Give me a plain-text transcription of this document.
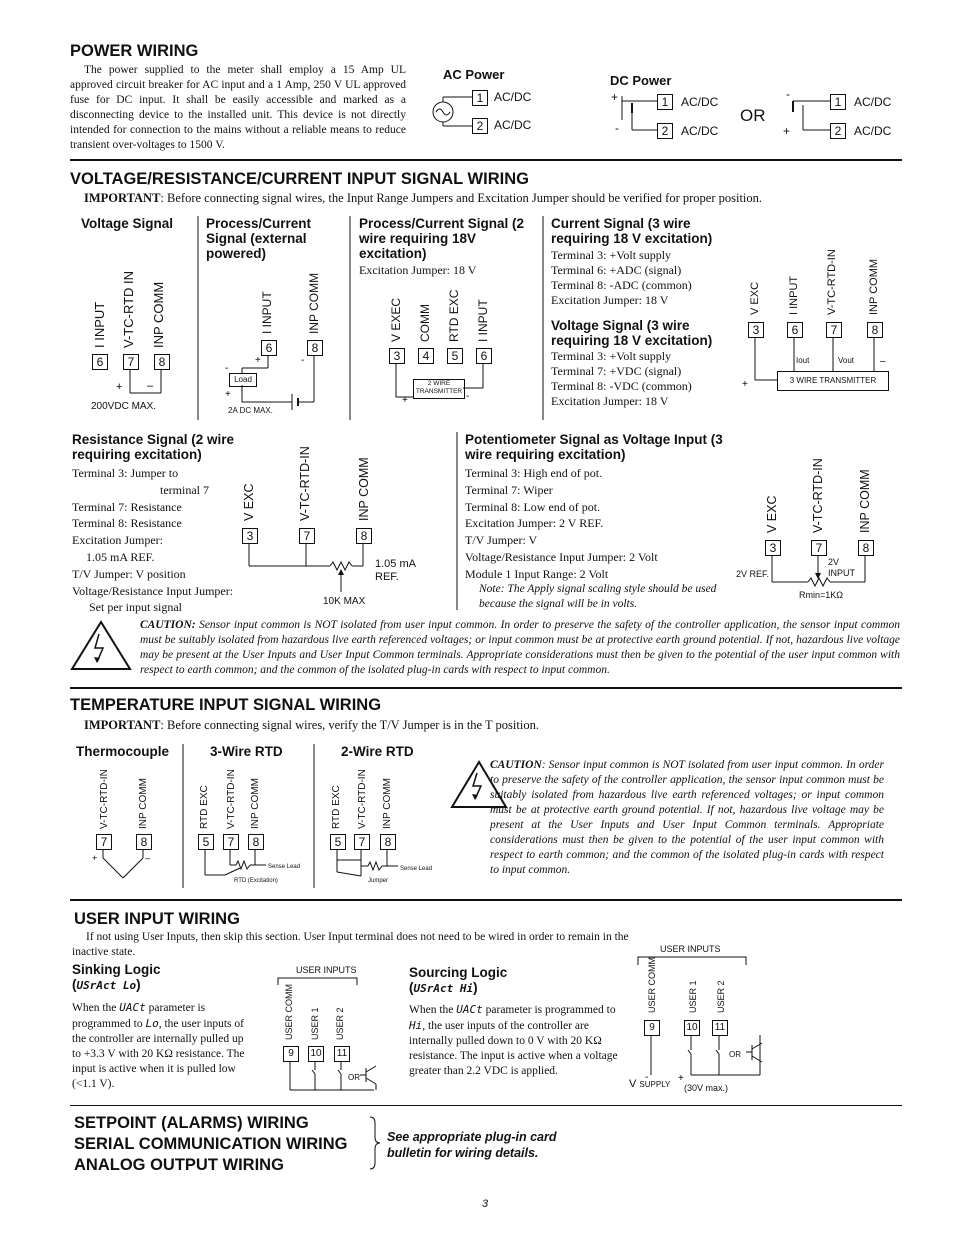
POWER WIRING
The power supplied to the meter shall employ a 15 Amp UL approved circuit breaker for AC input and a 1 Amp, 250 V UL approved fuse for DC input. It shall be easily accessible and marked as a disconnecting device to the installed unit. This device is not directly intended for connection to the mains without a reliable means to reduce transient over-voltages to 1500 V.
AC Power	DC Power
1 AC/DC
2 AC/DC
+
-
1	AC/DC
2	AC/DC
OR
-
+
1	AC/DC
2	AC/DC
VOLTAGE/RESISTANCE/CURRENT INPUT SIGNAL WIRING
IMPORTANT: Before connecting signal wires, the Input Range Jumpers and Excitation Jumper should be verified for proper position.
Voltage Signal Process/Current Signal (external powered)
Process/Current Signal (2 wire requiring 18V excitation)
Excitation Jumper: 18 V
Current Signal (3 wire requiring 18 V excitation)
Terminal 3: +Volt supply
Terminal 6: +ADC (signal)
Terminal 8: -ADC (common)
Excitation Jumper: 18 V
Voltage Signal (3 wire requiring 18 V excitation)
Terminal 3: +Volt supply
Terminal 7: +VDC (signal)
Terminal 8: -VDC (common)
Excitation Jumper: 18 V
I INPUT V-TC-RTD IN INP COMM
6	7	8
200VDC MAX.
I INPUT	INP COMM
6	8
Load
2A DC MAX.
V EXEC COMM RTD EXC I INPUT
3	4	5	6
2 WIRE TRANSMITTER
V EXC I INPUT V-TC-RTD-IN	INP COMM
3	6	7	8
Iout	Vout
3 WIRE TRANSMITTER
+ –
+
-
+
-
+	-
+
–
Resistance Signal (2 wire requiring excitation)
Terminal 3: Jumper to
terminal 7
Terminal 7: Resistance
Terminal 8: Resistance
Excitation Jumper:
1.05 mA REF.
T/V Jumper: V position
Voltage/Resistance Input Jumper:
Set per input signal
V EXC	V-TC-RTD-IN	INP COMM
3	7	8
1.05 mA REF.
10K MAX
Potentiometer Signal as Voltage Input (3 wire requiring excitation)
Terminal 3: High end of pot.
Terminal 7: Wiper
Terminal 8: Low end of pot.
Excitation Jumper: 2 V REF.
T/V Jumper: V
Voltage/Resistance Input Jumper: 2 Volt
Module 1 Input Range: 2 Volt
Note: The Apply signal scaling style should be used because the signal will be in volts.
V EXC	V-TC-RTD-IN	INP COMM
3	7	8
2V REF.
2V INPUT
Rmin=1KΩ
CAUTION: Sensor input common is NOT isolated from user input common. In order to preserve the safety of the controller application, the sensor input common must be suitably isolated from hazardous live earth referenced voltages; or input common must be at protective earth ground potential. If not, hazardous live voltage may be present at the User Inputs and User Input Common terminals. Appropriate considerations must then be given to the potential of the user input common with respect to earth common; and the common of the isolated plug-in cards with respect to input common.
TEMPERATURE INPUT SIGNAL WIRING
IMPORTANT: Before connecting signal wires, verify the T/V Jumper is in the T position.
Thermocouple	3-Wire RTD	2-Wire RTD
V-TC-RTD-IN	INP COMM
7	8
RTD EXC V-TC-RTD-IN INP COMM
5	7	8
Sense Lead
RTD (Excitation)
RTD EXC V-TC-RTD-IN INP COMM
5	7	8
Sense Lead
Jumper
+	–
CAUTION: Sensor input common is NOT isolated from user input common. In order to preserve the safety of the controller application, the sensor input common must be suitably isolated from hazardous live earth referenced voltages; or input common must be at protective earth ground potential. If not, hazardous live voltage may be present at the User Inputs and User Input Common terminals. Appropriate considerations must then be given to the potential of the user input common with respect to earth common; and the common of the isolated plug-in cards with respect to input common.
USER INPUT WIRING
If not using User Inputs, then skip this section. User Input terminal does not need to be wired in order to remain in the inactive state.
Sinking Logic
(USrAct Lo)
When the UACt parameter is programmed to Lo, the user inputs of the controller are internally pulled up to +3.3 V with 20 KΩ resistance. The input is active when it is pulled low (<1.1 V).
USER INPUTS
USER COMM USER 1 USER 2
9	10 11
OR
Sourcing Logic
(USrAct Hi)
When the UACt parameter is programmed to Hi, the user inputs of the controller are internally pulled down to 0 V with 20 KΩ resistance. The input is active when a voltage greater than 2.2 VDC is applied.
USER INPUTS
USER COMM	USER 1 USER 2
9	10 11
OR
V SUPPLY (30V max.)
-	+
SETPOINT (ALARMS) WIRING
SERIAL COMMUNICATION WIRING
ANALOG OUTPUT WIRING
See appropriate plug-in card bulletin for wiring details.
3
